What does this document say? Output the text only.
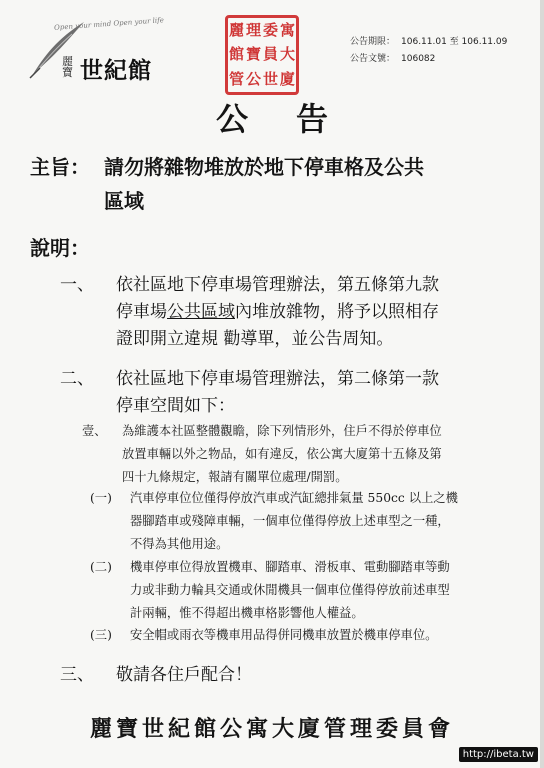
Open your mind Open your life
麗寶 世紀館
麗 理 委 寓
館 寶 員 大
管 公 世 廈
公告期限： 106.11.01 至 106.11.09
公告文號： 106082
公告
主旨： 請勿將雜物堆放於地下停車格及公共
區域
說明：
一、 依社區地下停車場管理辦法，第五條第九款
停車場公共區域內堆放雜物，將予以照相存
證即開立違規 勸導單，並公告周知。
二、 依社區地下停車場管理辦法，第二條第一款
停車空間如下：
壹、 為維護本社區整體觀瞻，除下列情形外，住戶不得於停車位
放置車輛以外之物品，如有違反，依公寓大廈第十五條及第
四十九條規定，報請有關單位處理/開罰。
(一) 汽車停車位位僅得停放汽車或汽缸總排氣量 550cc 以上之機
器腳踏車或殘障車輛，一個車位僅得停放上述車型之一種，
不得為其他用途。
(二) 機車停車位得放置機車、腳踏車、滑板車、電動腳踏車等動
力或非動力輪具交通或休閒機具一個車位僅得停放前述車型
計兩輛，惟不得超出機車格影響他人權益。
(三) 安全帽或雨衣等機車用品得併同機車放置於機車停車位。
三、 敬請各住戶配合！
麗寶世紀館公寓大廈管理委員會
http://ibeta.tw
